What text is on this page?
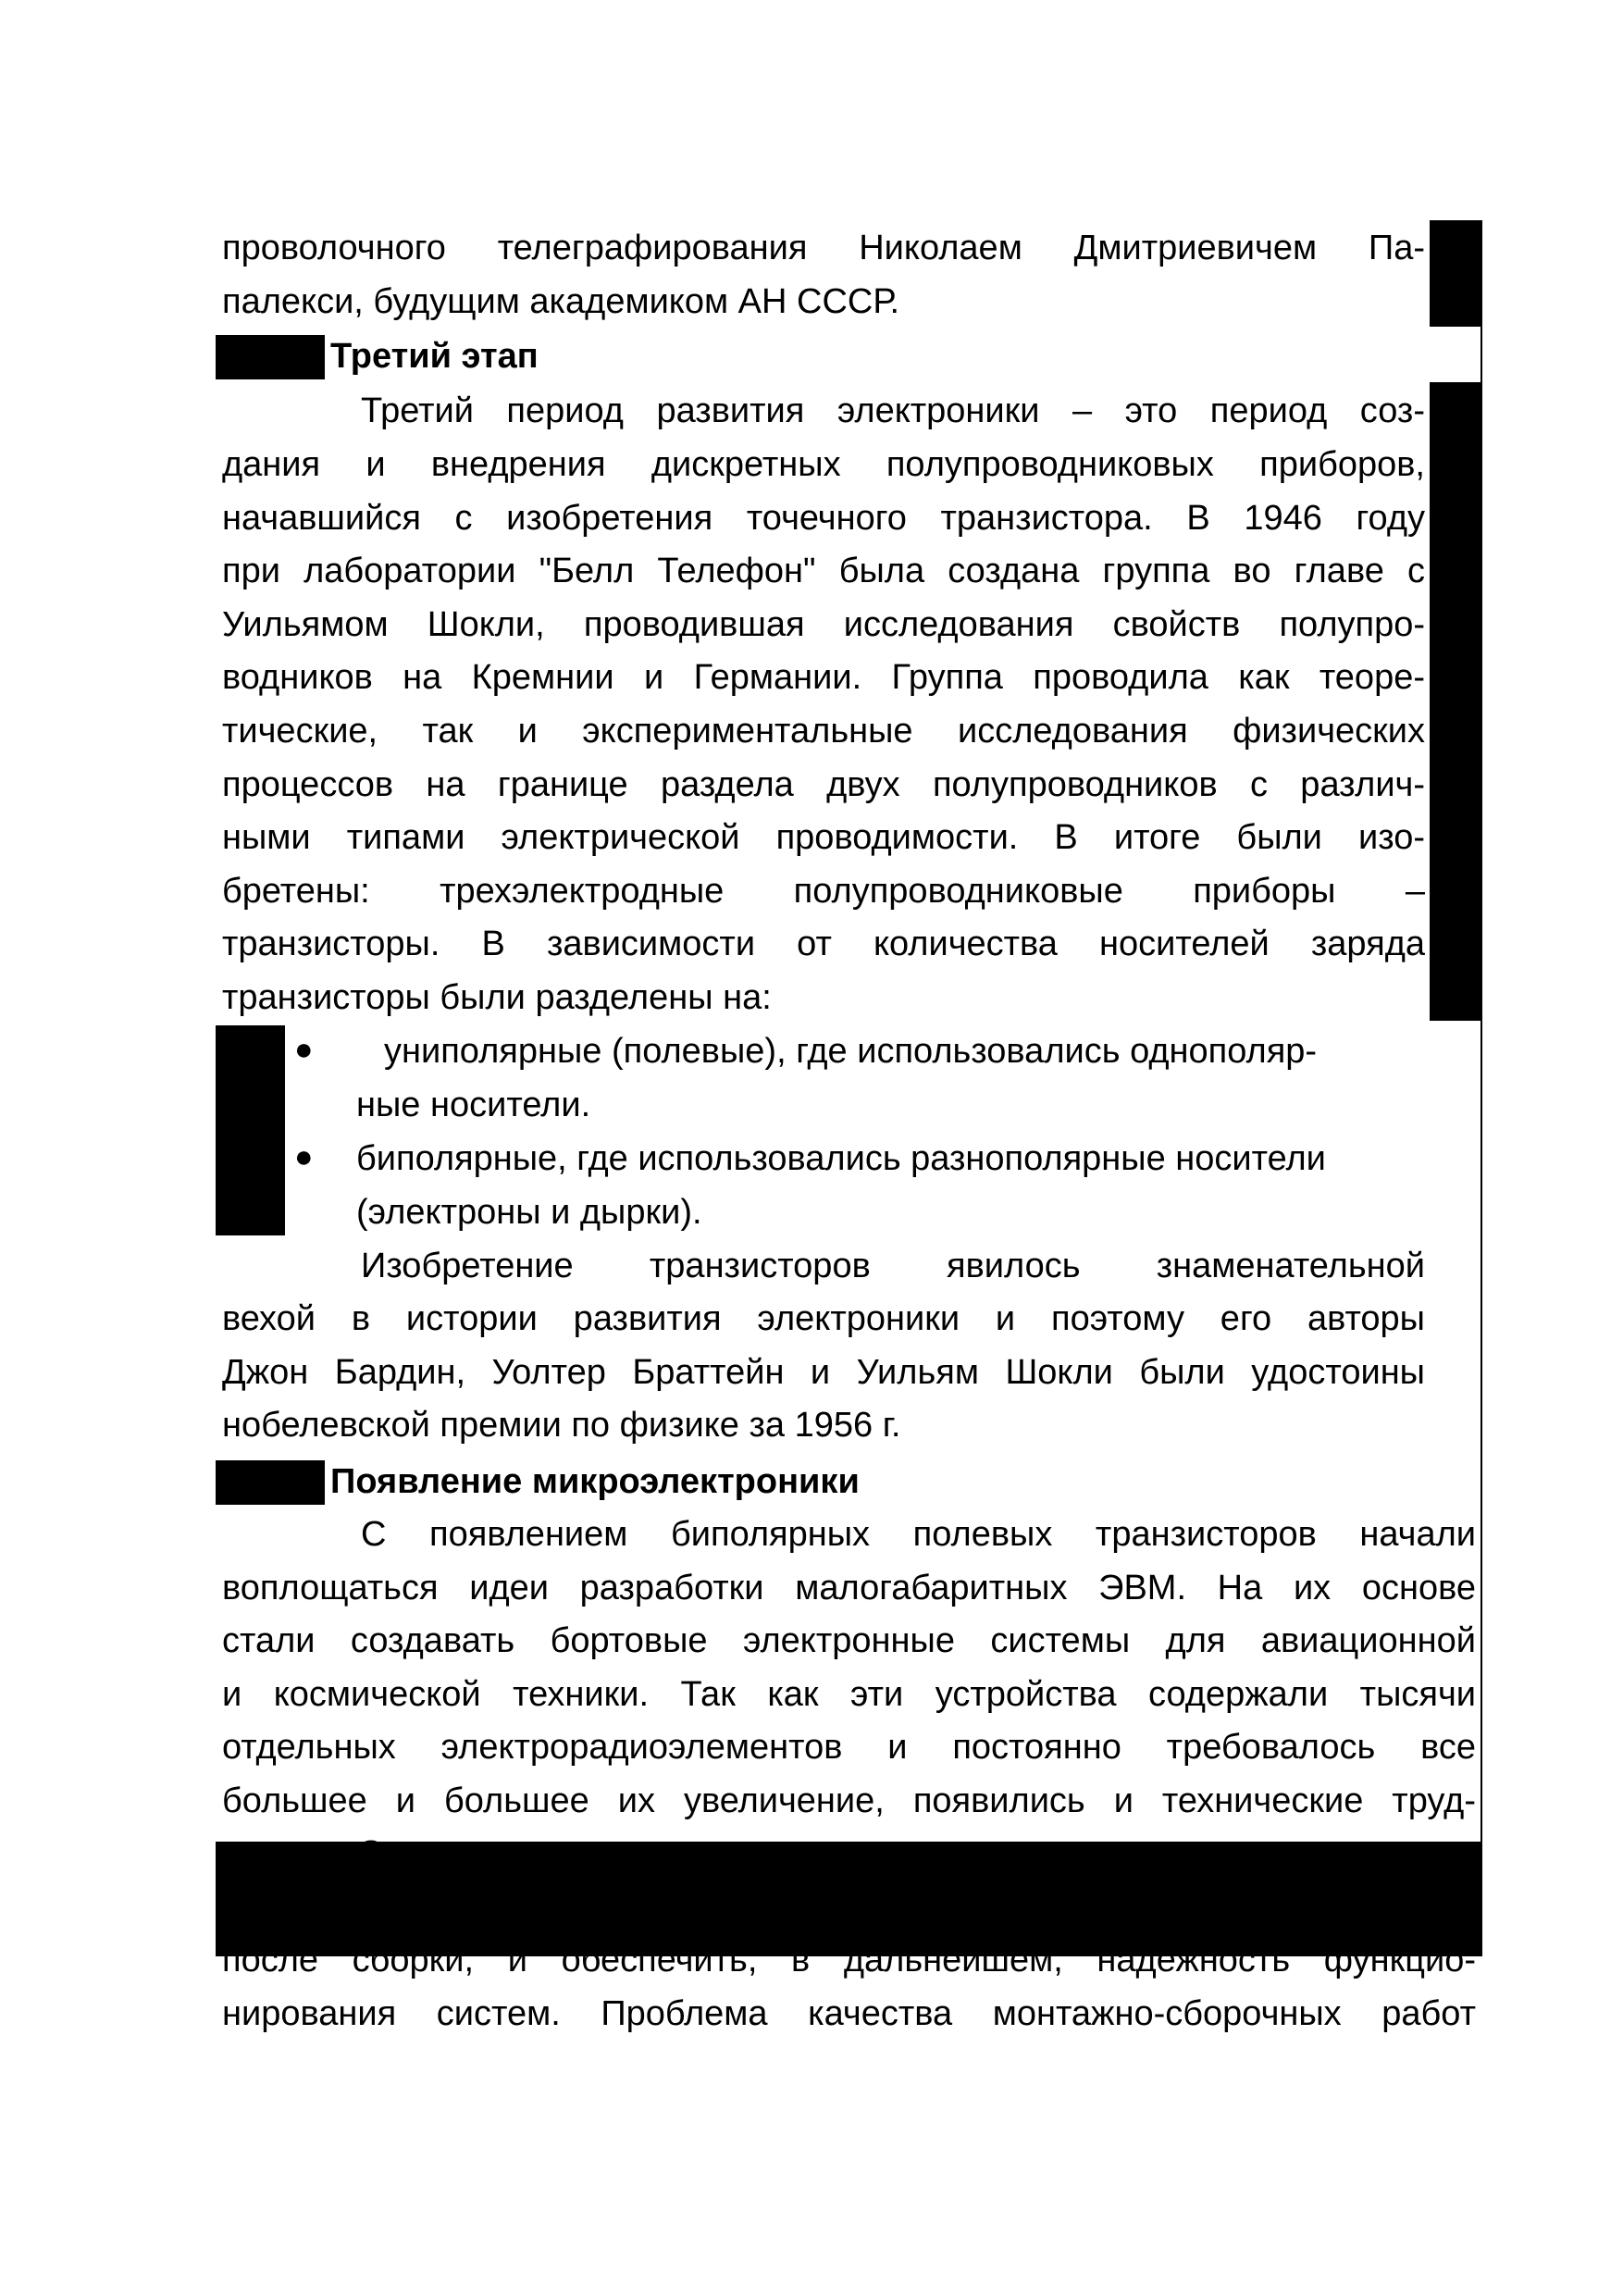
проволочного телеграфирования Николаем Дмитриевичем Па-
палекси, будущим академиком АН СССР.
Третий этап
Третий период развития электроники – это период соз-
дания и внедрения дискретных полупроводниковых приборов,
начавшийся с изобретения точечного транзистора. В 1946 году
при лаборатории "Белл Телефон" была создана группа во главе с
Уильямом Шокли, проводившая исследования свойств полупро-
водников на Кремнии и Германии. Группа проводила как теоре-
тические, так и экспериментальные исследования физических
процессов на границе раздела двух полупроводников с различ-
ными типами электрической проводимости. В итоге были изо-
бретены: трехэлектродные полупроводниковые приборы –
транзисторы. В зависимости от количества носителей заряда
транзисторы были разделены на:
● униполярные (полевые), где использовались однополяр-
ные носители.
● биполярные, где использовались разнополярные носители
(электроны и дырки).
Изобретение транзисторов явилось знаменательной
вехой в истории развития электроники и поэтому его авторы
Джон Бардин, Уолтер Браттейн и Уильям Шокли были удостоины
нобелевской премии по физике за 1956 г.
Появление микроэлектроники
С появлением биполярных полевых транзисторов начали
воплощаться идеи разработки малогабаритных ЭВМ. На их основе
стали создавать бортовые электронные системы для авиационной
и космической техники. Так как эти устройства содержали тысячи
отдельных электрорадиоэлементов и постоянно требовалось все
большее и большее их увеличение, появились и технические труд-
ности. С увеличением числа элементов электронных систем прак-
тически не удавалось обеспечить их работоспособность сразу же
после сборки, и обеспечить, в дальнейшем, надежность функцио-
нирования систем. Проблема качества монтажно-сборочных работ
